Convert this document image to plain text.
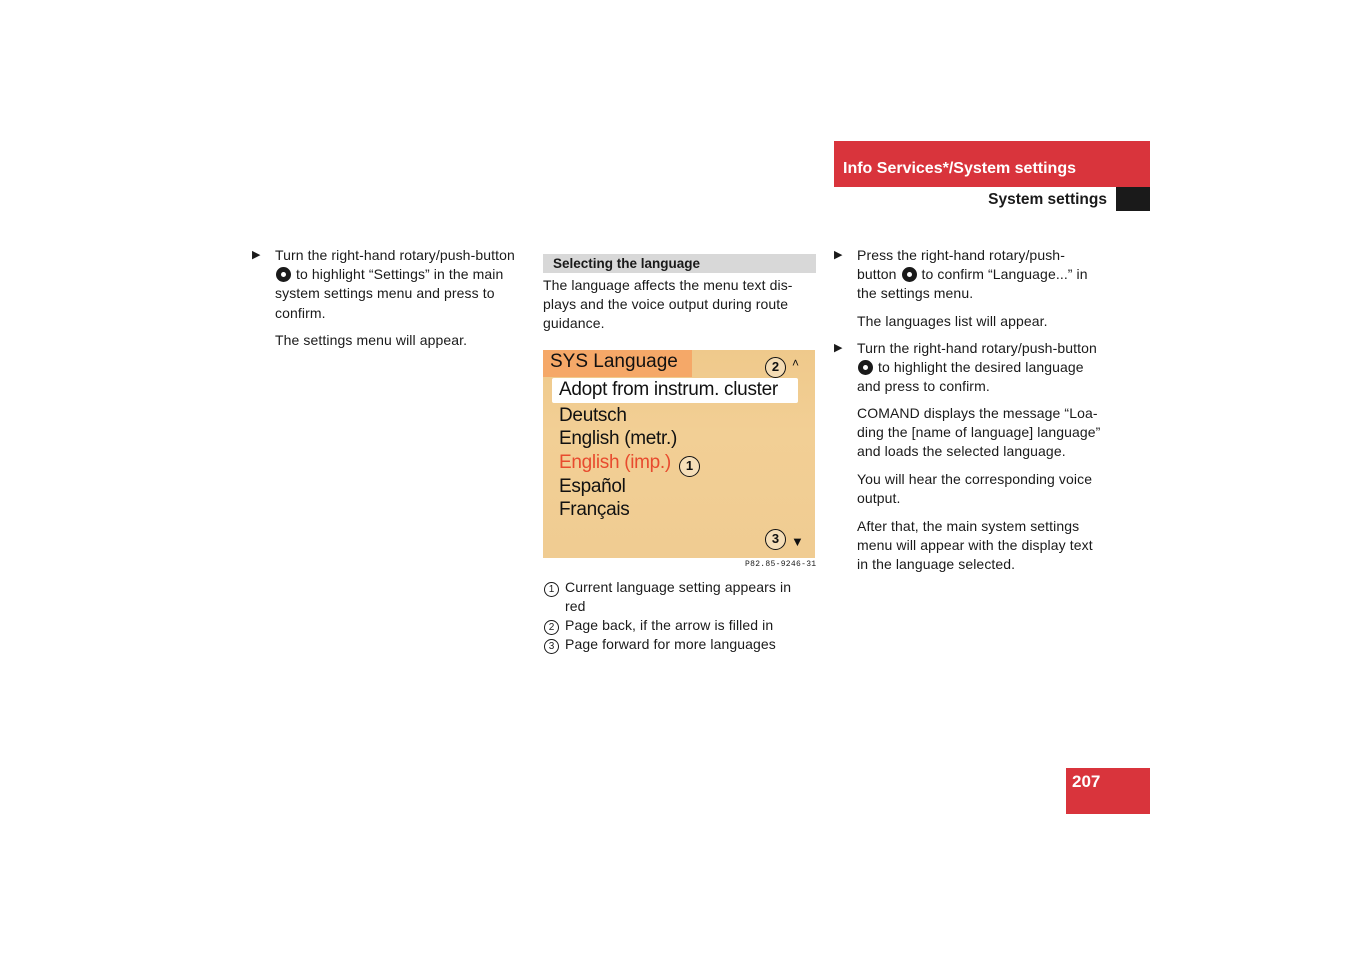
Info Services*/System settings
System settings
▶ Turn the right-hand rotary/push-button
to highlight “Settings” in the main
system settings menu and press to
confirm.
The settings menu will appear.
Selecting the language
The language affects the menu text dis-
plays and the voice output during route
guidance.
SYS Language	2	˄
Adopt from instrum. cluster
Deutsch
English (metr.)
English (imp.)	1
Español
Français
3 ▼
P82.85-9246-31
1 Current language setting appears in
red
2 Page back, if the arrow is filled in
3 Page forward for more languages
▶ Press the right-hand rotary/push-
button to confirm “Language...” in
the settings menu.
The languages list will appear.
▶ Turn the right-hand rotary/push-button
to highlight the desired language
and press to confirm.
COMAND displays the message “Loa-
ding the [name of language] language”
and loads the selected language.
You will hear the corresponding voice
output.
After that, the main system settings
menu will appear with the display text
in the language selected.
207
